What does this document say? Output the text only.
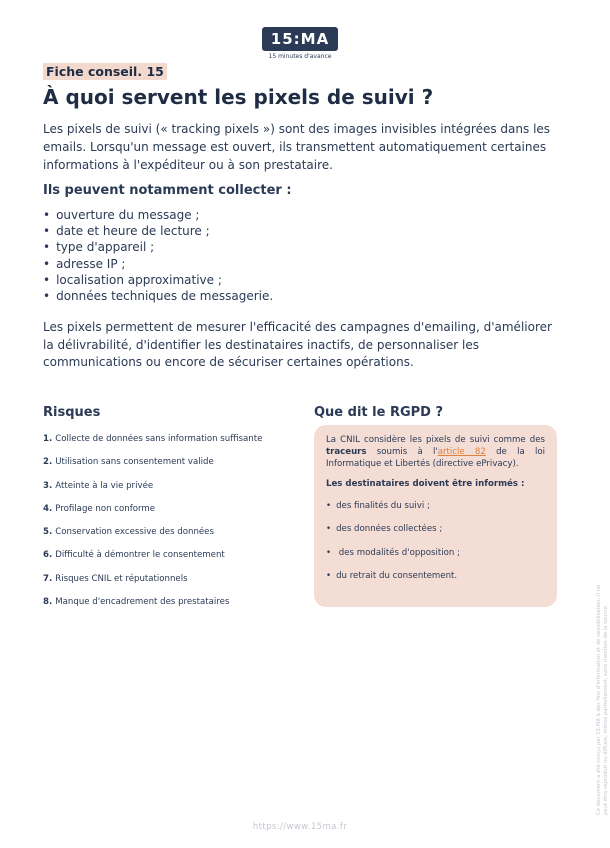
15:MA
15 minutes d'avance
Fiche conseil. 15
À quoi servent les pixels de suivi ?

Les pixels de suivi (« tracking pixels ») sont des images invisibles intégrées dans les emails. Lorsqu'un message est ouvert, ils transmettent automatiquement certaines informations à l'expéditeur ou à son prestataire.

Ils peuvent notamment collecter :
• ouverture du message ;
• date et heure de lecture ;
• type d'appareil ;
• adresse IP ;
• localisation approximative ;
• données techniques de messagerie.

Les pixels permettent de mesurer l'efficacité des campagnes d'emailing, d'améliorer la délivrabilité, d'identifier les destinataires inactifs, de personnaliser les communications ou encore de sécuriser certaines opérations.

Risques
1. Collecte de données sans information suffisante
2. Utilisation sans consentement valide
3. Atteinte à la vie privée
4. Profilage non conforme
5. Conservation excessive des données
6. Difficulté à démontrer le consentement
7. Risques CNIL et réputationnels
8. Manque d'encadrement des prestataires
Que dit le RGPD ?

La CNIL considère les pixels de suivi comme des traceurs soumis à l'article 82 de la loi Informatique et Libertés (directive ePrivacy).

Les destinataires doivent être informés :
• des finalités du suivi ;
• des données collectées ;
• des modalités d'opposition ;
• du retrait du consentement.
Ce document a été conçu par 15:MA à des fins d'information et de sensibilisation. Il ne peut être reproduit ou diffusé, même partiellement, sans mention de la source.
https://www.15ma.fr
